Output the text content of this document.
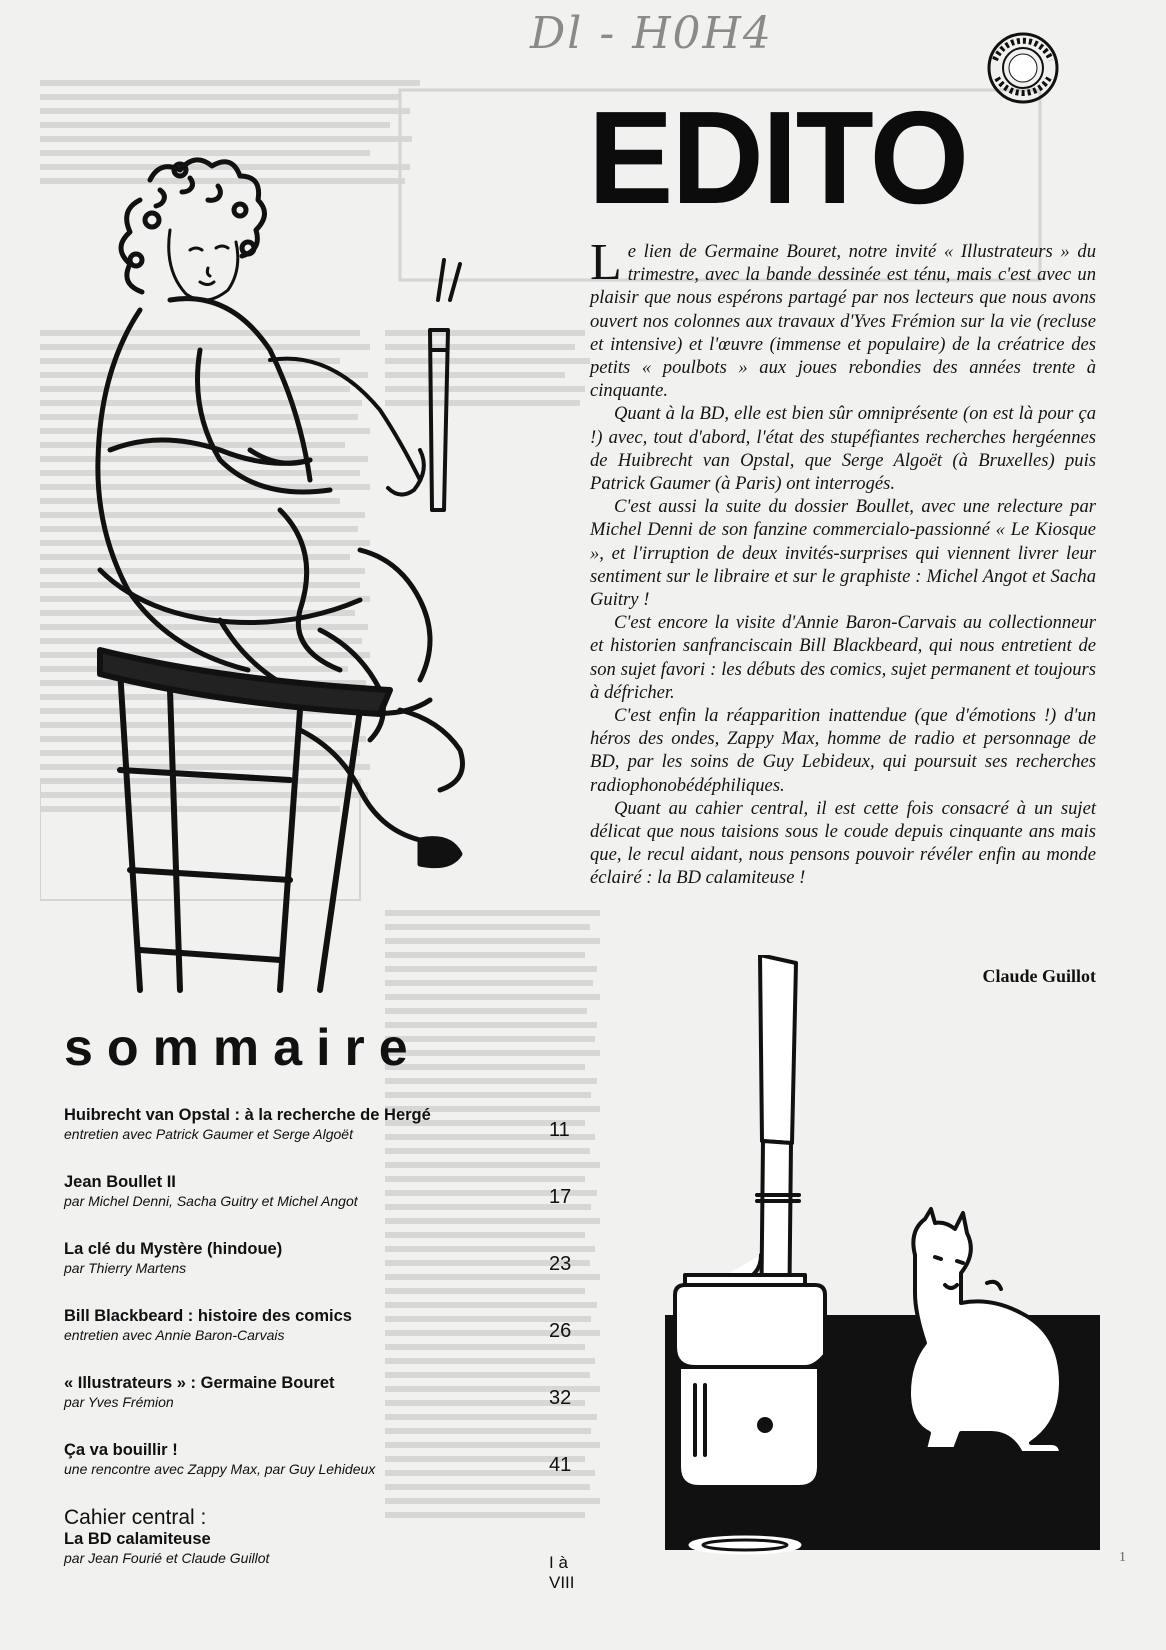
Dl - H0H4
EDITO

Le lien de Germaine Bouret, notre invité « Illustrateurs » du trimestre, avec la bande dessinée est ténu, mais c'est avec un plaisir que nous espérons partagé par nos lecteurs que nous avons ouvert nos colonnes aux travaux d'Yves Frémion sur la vie (recluse et intensive) et l'œuvre (immense et populaire) de la créatrice des petits « poulbots » aux joues rebondies des années trente à cinquante.

Quant à la BD, elle est bien sûr omniprésente (on est là pour ça !) avec, tout d'abord, l'état des stupéfiantes recherches hergéennes de Huibrecht van Opstal, que Serge Algoët (à Bruxelles) puis Patrick Gaumer (à Paris) ont interrogés.

C'est aussi la suite du dossier Boullet, avec une relecture par Michel Denni de son fanzine commercialo-passionné « Le Kiosque », et l'irruption de deux invités-surprises qui viennent livrer leur sentiment sur le libraire et sur le graphiste : Michel Angot et Sacha Guitry !

C'est encore la visite d'Annie Baron-Carvais au collectionneur et historien sanfranciscain Bill Blackbeard, qui nous entretient de son sujet favori : les débuts des comics, sujet permanent et toujours à défricher.

C'est enfin la réapparition inattendue (que d'émotions !) d'un héros des ondes, Zappy Max, homme de radio et personnage de BD, par les soins de Guy Lebideux, qui poursuit ses recherches radiophonobédéphiliques.

Quant au cahier central, il est cette fois consacré à un sujet délicat que nous taisions sous le coude depuis cinquante ans mais que, le recul aidant, nous pensons pouvoir révéler enfin au monde éclairé : la BD calamiteuse !

Claude Guillot
sommaire
Huibrecht van Opstal : à la recherche de Hergé
entretien avec Patrick Gaumer et Serge Algoët	11
Jean Boullet II
par Michel Denni, Sacha Guitry et Michel Angot	17
La clé du Mystère (hindoue)
par Thierry Martens	23
Bill Blackbeard : histoire des comics
entretien avec Annie Baron-Carvais	26
« Illustrateurs » : Germaine Bouret
par Yves Frémion	32
Ça va bouillir !
une rencontre avec Zappy Max, par Guy Lehideux	41
Cahier central :
La BD calamiteuse
par Jean Fourié et Claude Guillot	I à VIII
1
